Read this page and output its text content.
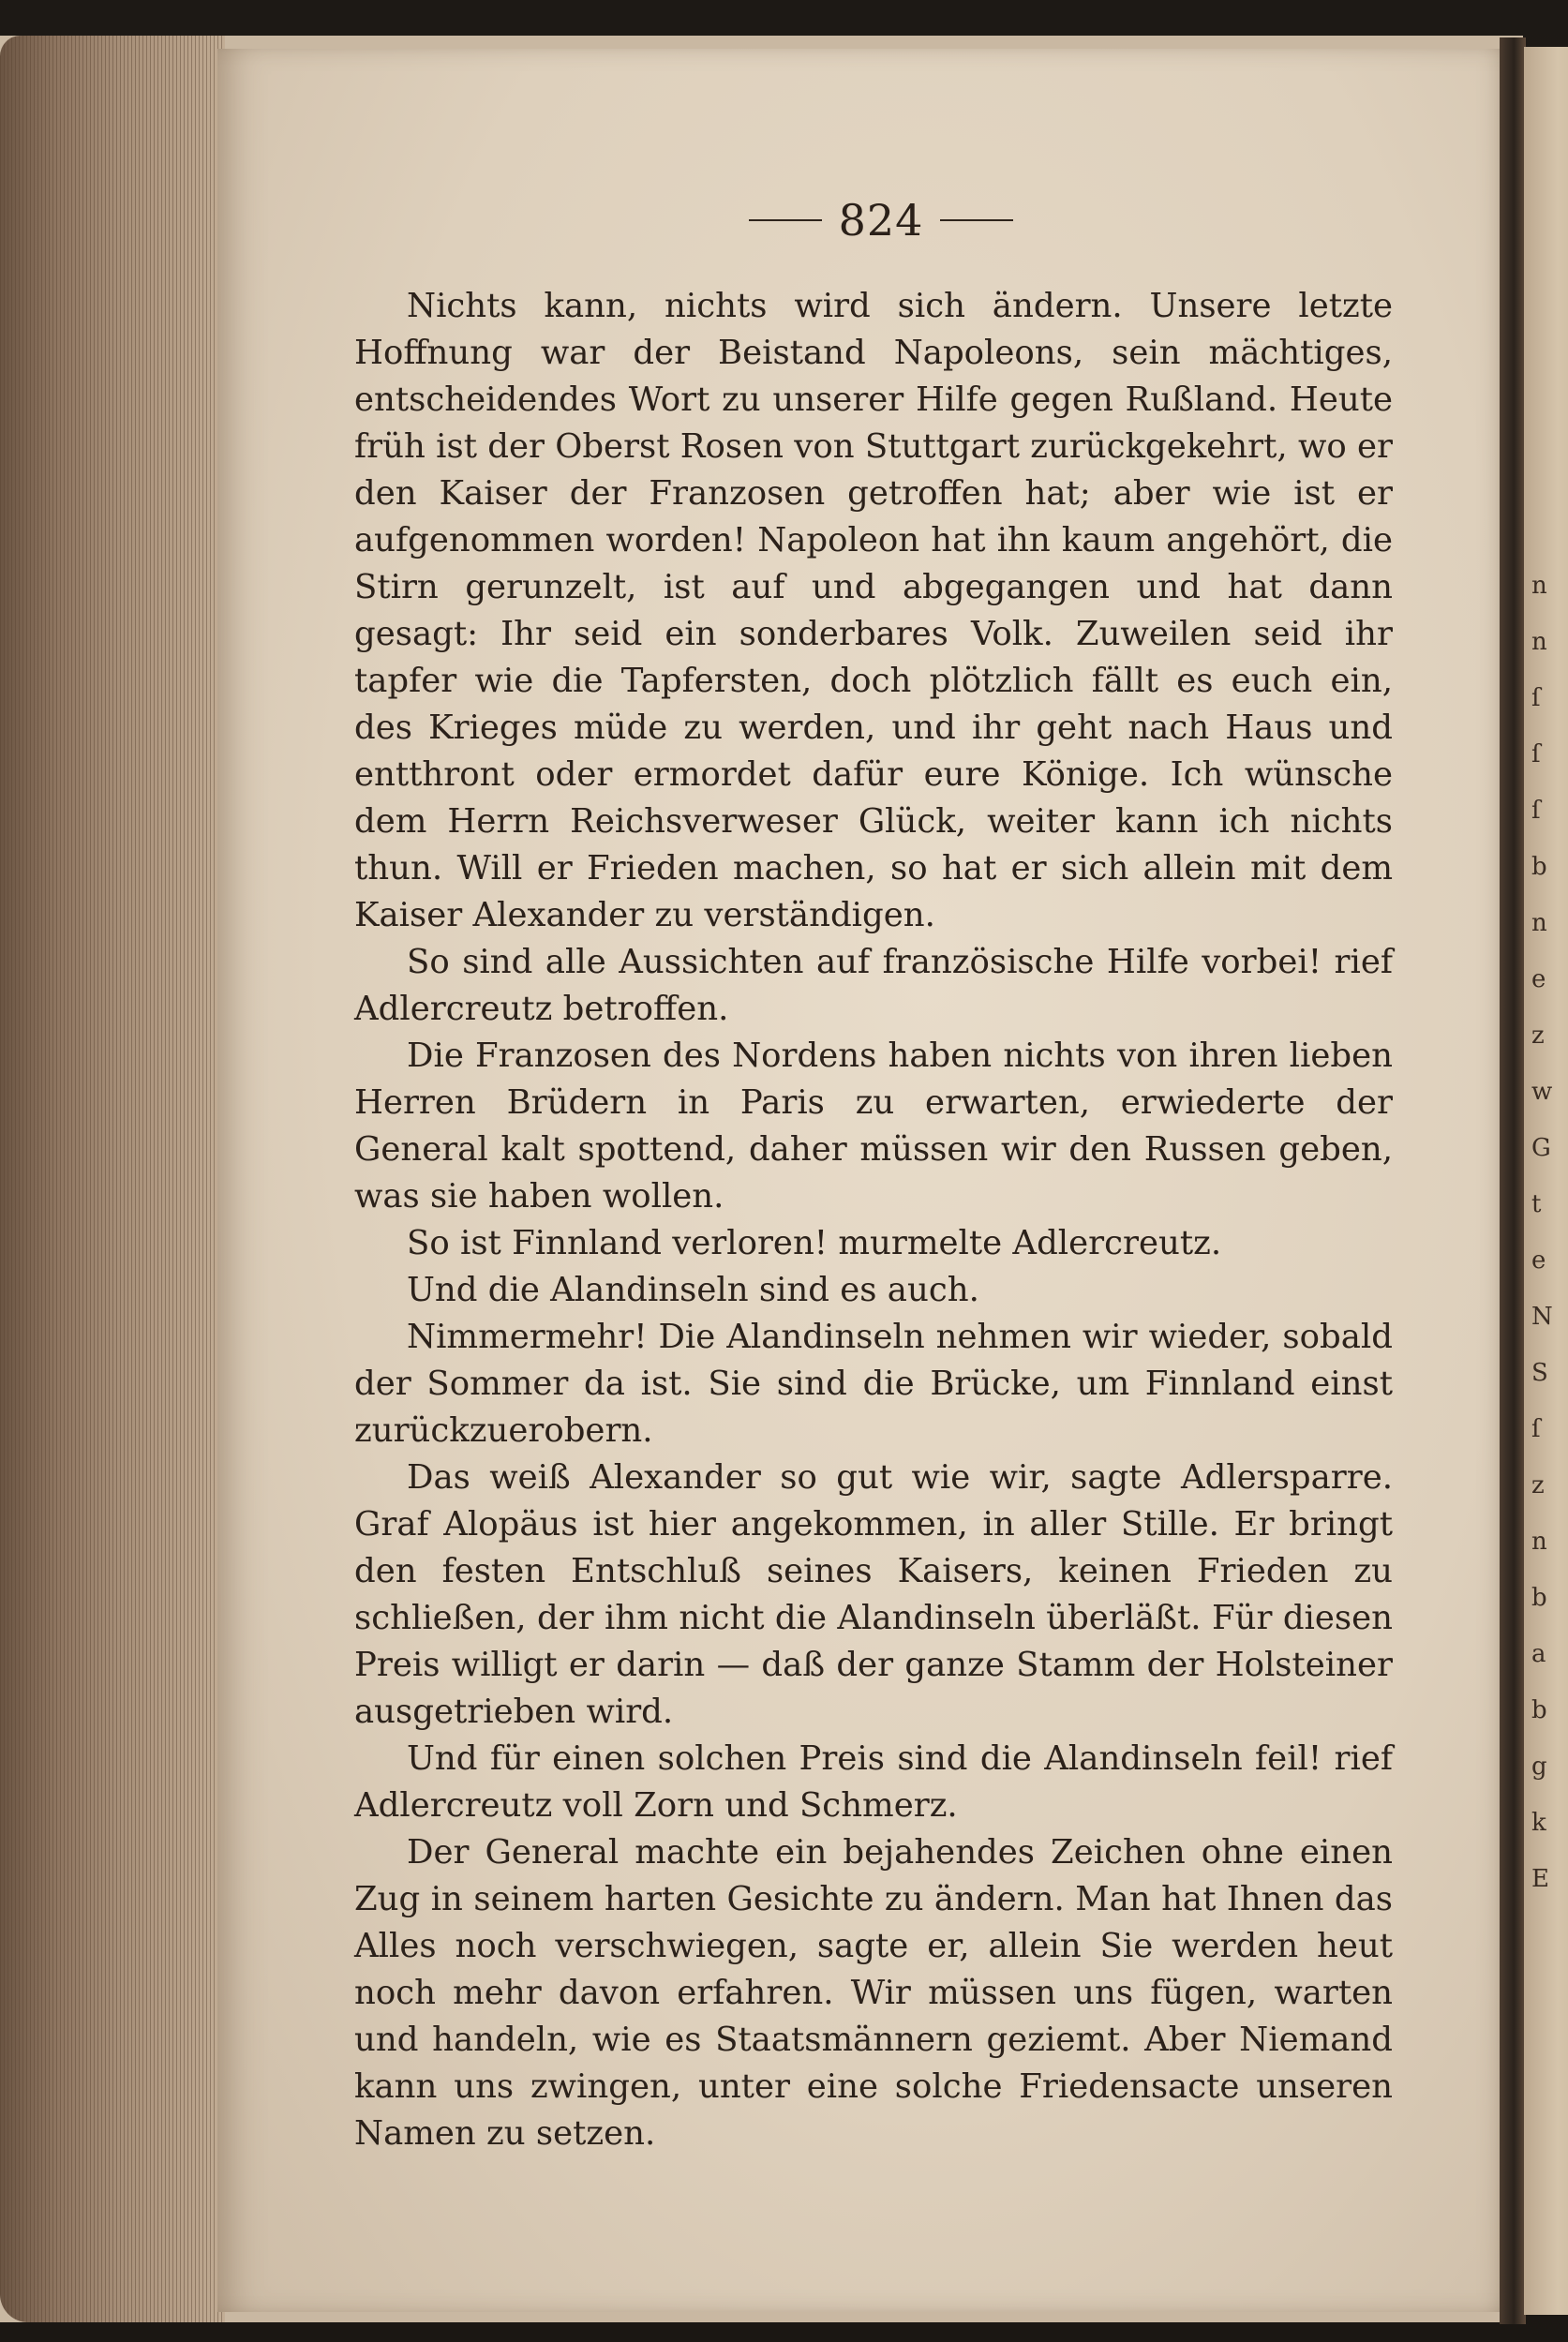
n
n
ſ
ſ
ſ
b
n
e
z
w
G
t
e
N
S
ſ
z
n
b
a
b
g
k
E
824

Nichts kann, nichts wird sich ändern. Unsere letzte Hoffnung war der Beistand Napoleons, sein mächtiges, entscheidendes Wort zu unserer Hilfe gegen Rußland. Heute früh ist der Oberst Rosen von Stuttgart zurückgekehrt, wo er den Kaiser der Franzosen getroffen hat; aber wie ist er aufgenommen worden! Napoleon hat ihn kaum angehört, die Stirn gerunzelt, ist auf und abgegangen und hat dann gesagt: Ihr seid ein sonderbares Volk. Zuweilen seid ihr tapfer wie die Tapfersten, doch plötzlich fällt es euch ein, des Krieges müde zu werden, und ihr geht nach Haus und entthront oder ermordet dafür eure Könige. Ich wünsche dem Herrn Reichsverweser Glück, weiter kann ich nichts thun. Will er Frieden machen, so hat er sich allein mit dem Kaiser Alexander zu verständigen.

So sind alle Aussichten auf französische Hilfe vorbei! rief Adlercreutz betroffen.

Die Franzosen des Nordens haben nichts von ihren lieben Herren Brüdern in Paris zu erwarten, erwiederte der General kalt spottend, daher müssen wir den Russen geben, was sie haben wollen.

So ist Finnland verloren! murmelte Adlercreutz.

Und die Alandinseln sind es auch.

Nimmermehr! Die Alandinseln nehmen wir wieder, sobald der Sommer da ist. Sie sind die Brücke, um Finnland einst zurückzuerobern.

Das weiß Alexander so gut wie wir, sagte Adlersparre. Graf Alopäus ist hier angekommen, in aller Stille. Er bringt den festen Entschluß seines Kaisers, keinen Frieden zu schließen, der ihm nicht die Alandinseln überläßt. Für diesen Preis willigt er darin — daß der ganze Stamm der Holsteiner ausgetrieben wird.

Und für einen solchen Preis sind die Alandinseln feil! rief Adlercreutz voll Zorn und Schmerz.

Der General machte ein bejahendes Zeichen ohne einen Zug in seinem harten Gesichte zu ändern. Man hat Ihnen das Alles noch verschwiegen, sagte er, allein Sie werden heut noch mehr davon erfahren. Wir müssen uns fügen, warten und handeln, wie es Staatsmännern geziemt. Aber Niemand kann uns zwingen, unter eine solche Friedensacte unseren Namen zu setzen.
